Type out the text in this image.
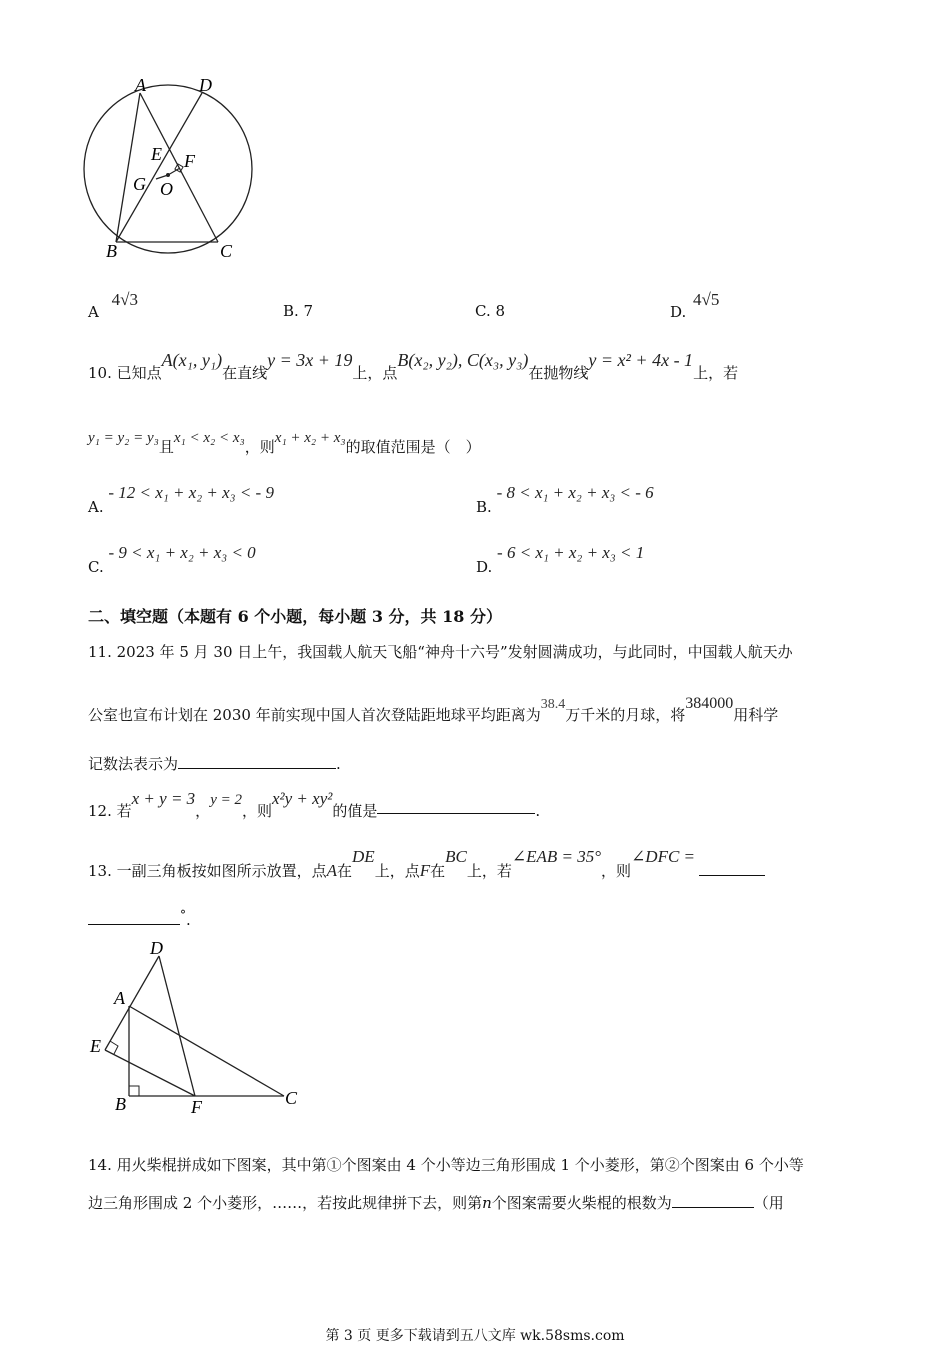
A	D
E F
G O
B	C
A 4√3
B. 7	C. 8	D. 4√5
10. 已知点A(x₁, y₁)在直线y = 3x + 19上，点B(x₂, y₂), C(x₃, y₃)在抛物线y = x² + 4x - 1上，若
y₁ = y₂ = y₃且x₁ < x₂ < x₃，则x₁ + x₂ + x₃的取值范围是（　）
A. - 12 < x₁ + x₂ + x₃ < - 9
B. - 8 < x₁ + x₂ + x₃ < - 6
C. - 9 < x₁ + x₂ + x₃ < 0
D. - 6 < x₁ + x₂ + x₃ < 1
二、填空题（本题有 6 个小题，每小题 3 分，共 18 分）
11. 2023 年 5 月 30 日上午，我国载人航天飞船“神舟十六号”发射圆满成功，与此同时，中国载人航天办
公室也宣布计划在 2030 年前实现中国人首次登陆距地球平均距离为38.4万千米的月球，将384000用科学
记数法表示为	.
12. 若x + y = 3，y = 2，则x²y + xy²的值是	.
13. 一副三角板按如图所示放置，点A在DE上，点F在BC上，若∠EAB = 35°，则∠DFC =
°.
D
A
E
B	F	C
14. 用火柴棍拼成如下图案，其中第①个图案由 4 个小等边三角形围成 1 个小菱形，第②个图案由 6 个小等
边三角形围成 2 个小菱形，……，若按此规律拼下去，则第n个图案需要火柴棍的根数为	（用
第 3 页 更多下载请到五八文库 wk.58sms.com
